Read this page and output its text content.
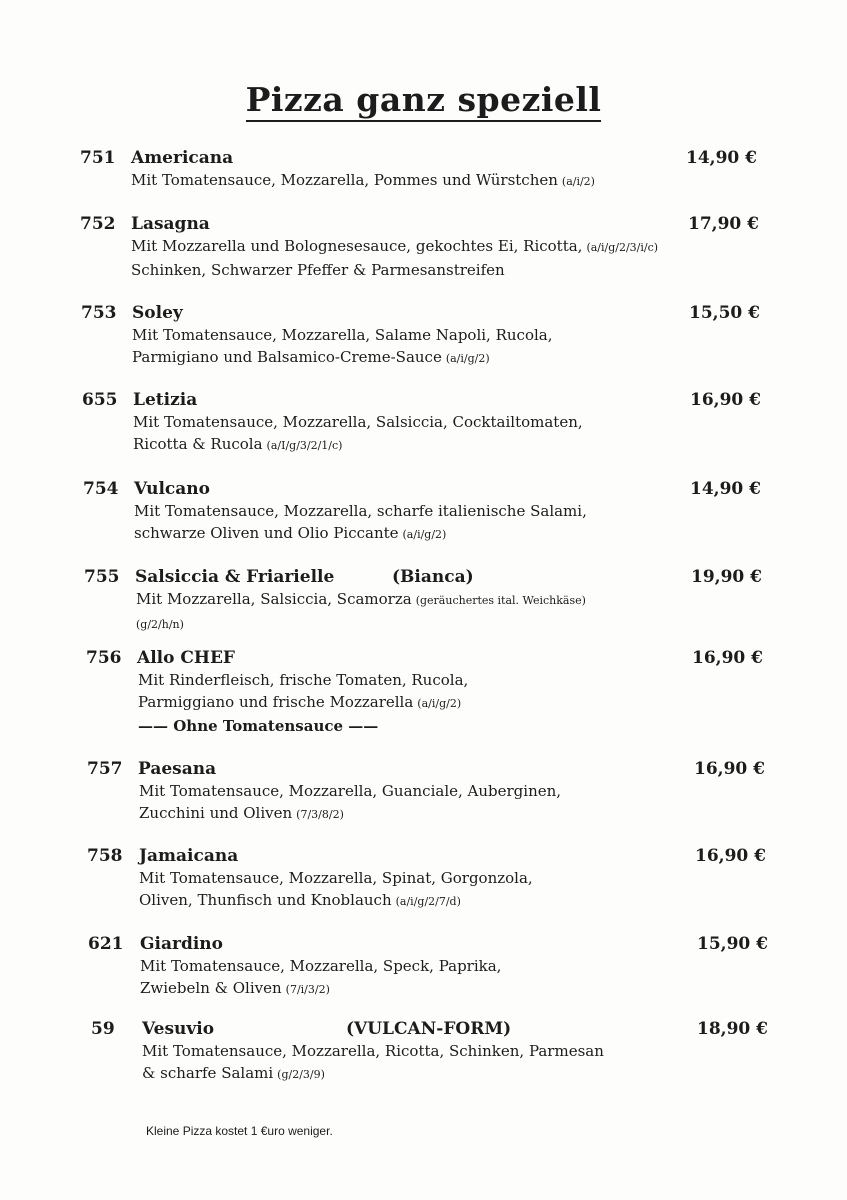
Pizza ganz speziell
751 Americana	14,90 €
Mit Tomatensauce, Mozzarella, Pommes und Würstchen (a/i/2)
752 Lasagna	17,90 €
Mit Mozzarella und Bolognesesauce, gekochtes Ei, Ricotta, (a/i/g/2/3/i/c)
Schinken, Schwarzer Pfeffer & Parmesanstreifen
753 Soley	15,50 €
Mit Tomatensauce, Mozzarella, Salame Napoli, Rucola,
Parmigiano und Balsamico-Creme-Sauce (a/i/g/2)
655 Letizia	16,90 €
Mit Tomatensauce, Mozzarella, Salsiccia, Cocktailtomaten,
Ricotta & Rucola (a/I/g/3/2/1/c)
754 Vulcano	14,90 €
Mit Tomatensauce, Mozzarella, scharfe italienische Salami,
schwarze Oliven und Olio Piccante (a/i/g/2)
755 Salsiccia & Friarielle	(Bianca)	19,90 €
Mit Mozzarella, Salsiccia, Scamorza (geräuchertes ital. Weichkäse)
(g/2/h/n)
756 Allo CHEF	16,90 €
Mit Rinderfleisch, frische Tomaten, Rucola,
Parmiggiano und frische Mozzarella (a/i/g/2)
—— Ohne Tomatensauce ——
757 Paesana	16,90 €
Mit Tomatensauce, Mozzarella, Guanciale, Auberginen,
Zucchini und Oliven (7/3/8/2)
758 Jamaicana	16,90 €
Mit Tomatensauce, Mozzarella, Spinat, Gorgonzola,
Oliven, Thunfisch und Knoblauch (a/i/g/2/7/d)
621 Giardino	15,90 €
Mit Tomatensauce, Mozzarella, Speck, Paprika,
Zwiebeln & Oliven (7/i/3/2)
59 Vesuvio	(VULCAN-FORM)	18,90 €
Mit Tomatensauce, Mozzarella, Ricotta, Schinken, Parmesan
& scharfe Salami (g/2/3/9)
Kleine Pizza kostet 1 €uro weniger.
